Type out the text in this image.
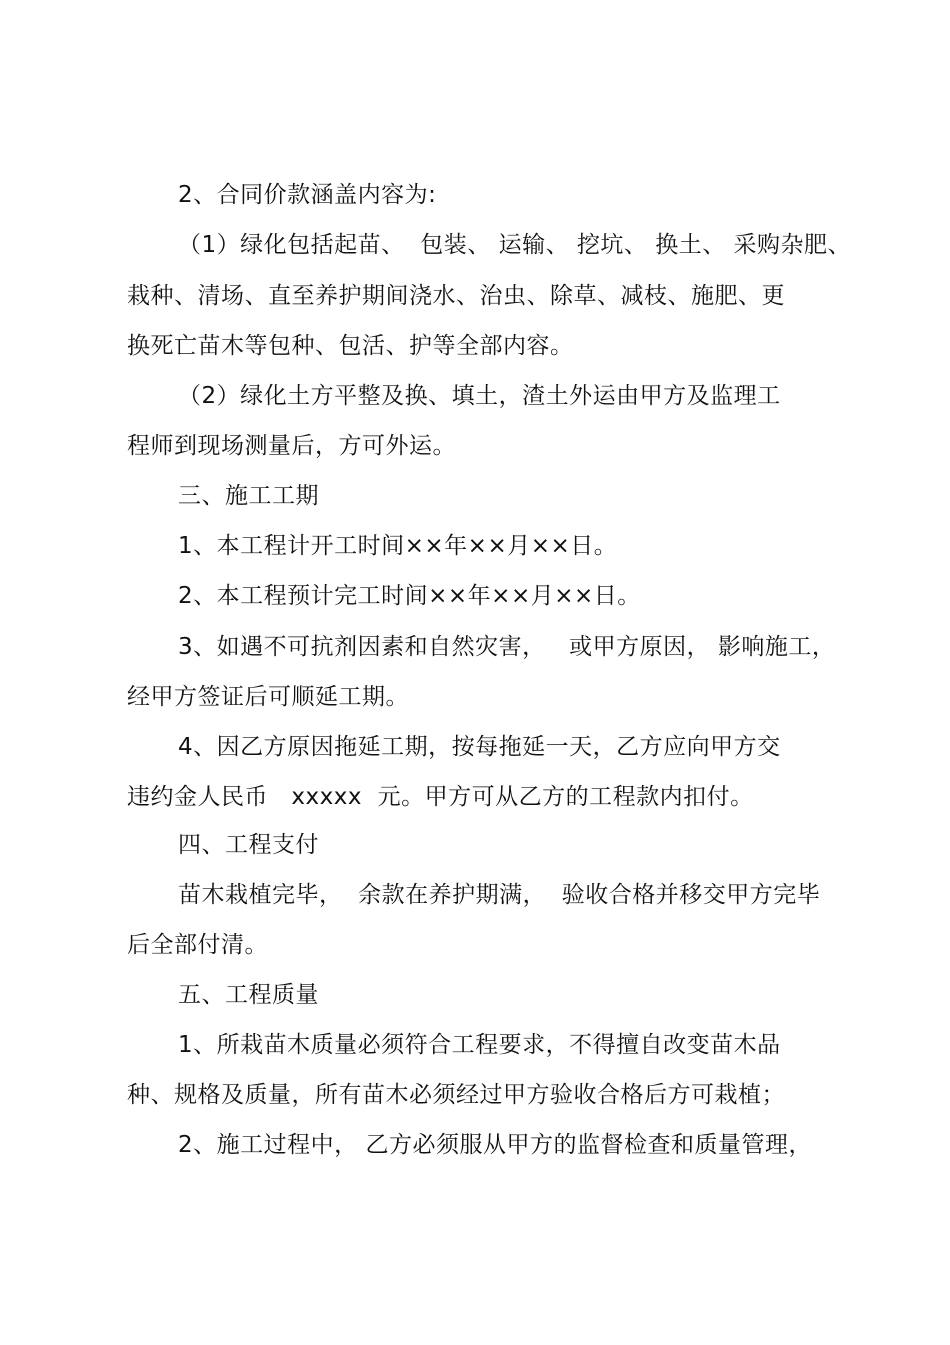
2、合同价款涵盖内容为:
（1）绿化包括起苗、  包装、 运输、 挖坑、 换土、 采购杂肥、
栽种、清场、直至养护期间浇水、治虫、除草、减枝、施肥、更
换死亡苗木等包种、包活、护等全部内容。
（2）绿化土方平整及换、填土，渣土外运由甲方及监理工
程师到现场测量后，方可外运。
三、施工工期
1、本工程计开工时间××年××月××日。
2、本工程预计完工时间××年××月××日。
3、如遇不可抗剂因素和自然灾害，   或甲方原因， 影响施工，
经甲方签证后可顺延工期。
4、因乙方原因拖延工期，按每拖延一天，乙方应向甲方交
违约金人民币   xxxxx  元。甲方可从乙方的工程款内扣付。
四、工程支付
苗木栽植完毕，  余款在养护期满，  验收合格并移交甲方完毕
后全部付清。
五、工程质量
1、所栽苗木质量必须符合工程要求，不得擅自改变苗木品
种、规格及质量，所有苗木必须经过甲方验收合格后方可栽植；
2、施工过程中， 乙方必须服从甲方的监督检查和质量管理，
